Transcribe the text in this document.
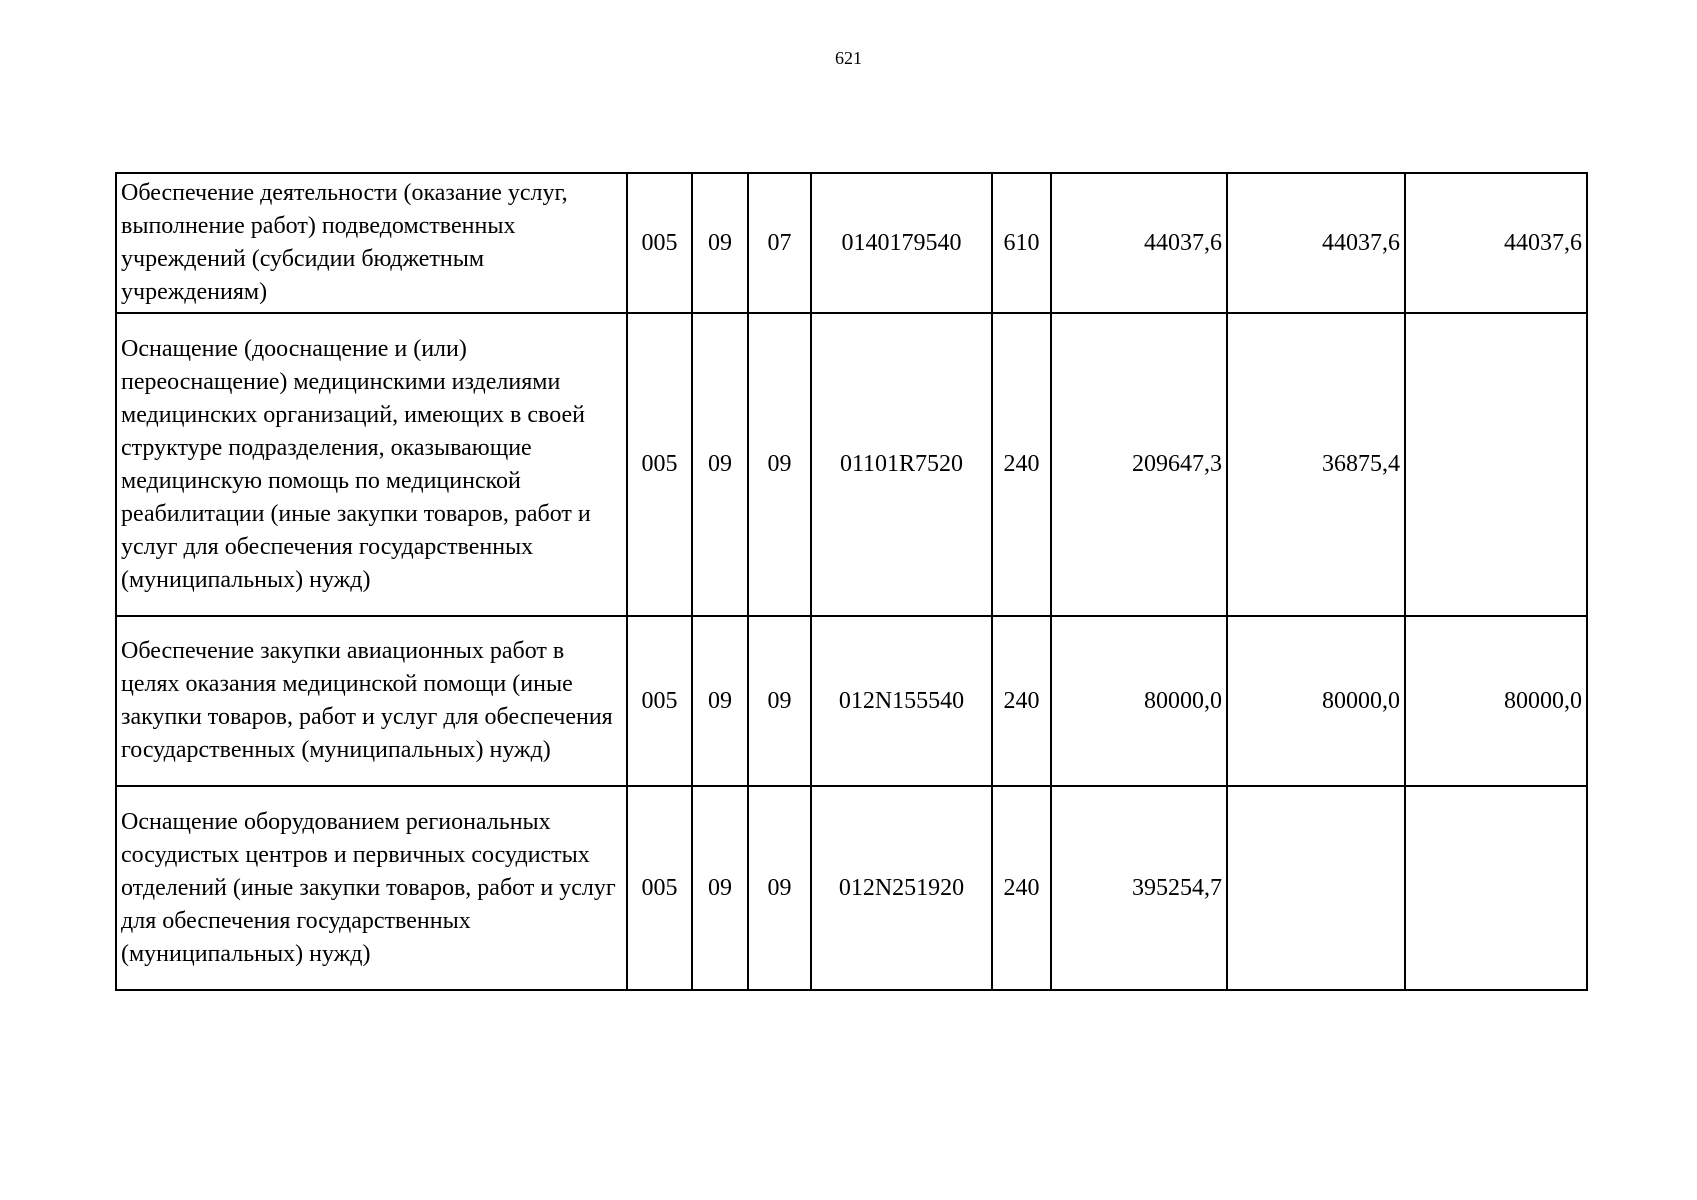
621
Обеспечение деятельности (оказание услуг, выполнение работ) подведомственных учреждений (субсидии бюджетным учреждениям)	005	09	07	0140179540	610	44037,6	44037,6	44037,6
Оснащение (дооснащение и (или) переоснащение) медицинскими изделиями медицинских организаций, имеющих в своей структуре подразделения, оказывающие медицинскую помощь по медицинской реабилитации (иные закупки товаров, работ и услуг для обеспечения государственных (муниципальных) нужд)	005	09	09	01101R7520	240	209647,3	36875,4	
Обеспечение закупки авиационных работ в целях оказания медицинской помощи (иные закупки товаров, работ и услуг для обеспечения государственных (муниципальных) нужд)	005	09	09	012N155540	240	80000,0	80000,0	80000,0
Оснащение оборудованием региональных сосудистых центров и первичных сосудистых отделений (иные закупки товаров, работ и услуг для обеспечения государственных (муниципальных) нужд)	005	09	09	012N251920	240	395254,7		
